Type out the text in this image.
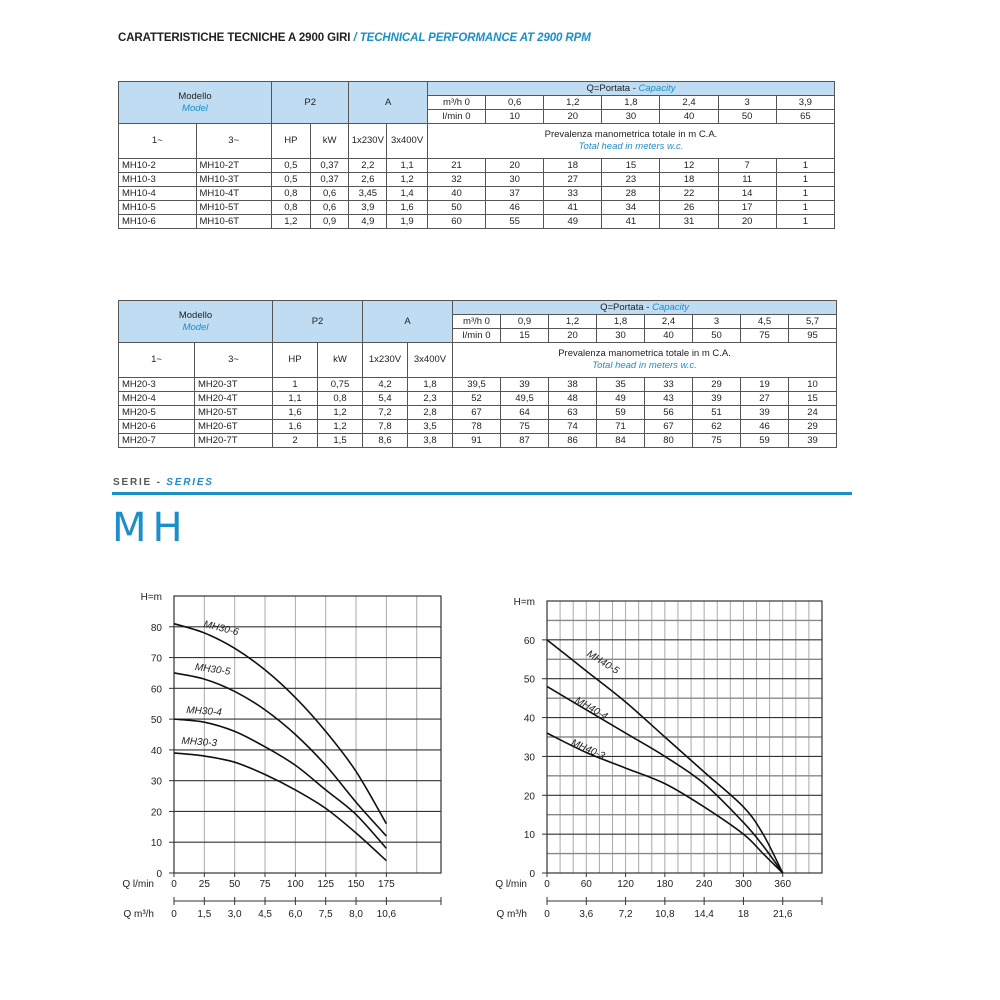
CARATTERISTICHE TECNICHE A 2900 GIRI / TECHNICAL PERFORMANCE AT 2900 RPM
Modello
Model		P2		A		Q=Portata - Capacity						
						m³/h 0	0,6	1,2	1,8	2,4	3	3,9
						l/min 0	10	20	30	40	50	65
1~	3~	HP	kW	1x230V	3x400V	Prevalenza manometrica totale in m C.A.
Total head in meters w.c.						

MH10-2	MH10-2T	0,5	0,37	2,2	1,1	21	20	18	15	12	7	1
MH10-3	MH10-3T	0,5	0,37	2,6	1,2	32	30	27	23	18	11	1
MH10-4	MH10-4T	0,8	0,6	3,45	1,4	40	37	33	28	22	14	1
MH10-5	MH10-5T	0,8	0,6	3,9	1,6	50	46	41	34	26	17	1
MH10-6	MH10-6T	1,2	0,9	4,9	1,9	60	55	49	41	31	20	1
Modello
Model		P2		A		Q=Portata - Capacity							
						m³/h 0	0,9	1,2	1,8	2,4	3	4,5	5,7
						l/min 0	15	20	30	40	50	75	95
1~	3~	HP	kW	1x230V	3x400V	Prevalenza manometrica totale in m C.A.
Total head in meters w.c.							

MH20-3	MH20-3T	1	0,75	4,2	1,8	39,5	39	38	35	33	29	19	10
MH20-4	MH20-4T	1,1	0,8	5,4	2,3	52	49,5	48	49	43	39	27	15
MH20-5	MH20-5T	1,6	1,2	7,2	2,8	67	64	63	59	56	51	39	24
MH20-6	MH20-6T	1,6	1,2	7,8	3,5	78	75	74	71	67	62	46	29
MH20-7	MH20-7T	2	1,5	8,6	3,8	91	87	86	84	80	75	59	39
SERIE - SERIES
MH
H=m
0
10
20
30
40
50
60
70
80
Q l/min 0 25 50 75 100 125 150 175
Q m³/h 0 1,5 3,0 4,5 6,0 7,5 8,0 10,6
MH30-6
MH30-5
MH30-4
MH30-3
H=m
0
10
20
30
40
50
60
Q l/min 0	60	120 180 240 300 360
Q m³/h 0	3,6	7,2 10,8 14,4 18 21,6
MH40-5
MH40-4
MH40-3
